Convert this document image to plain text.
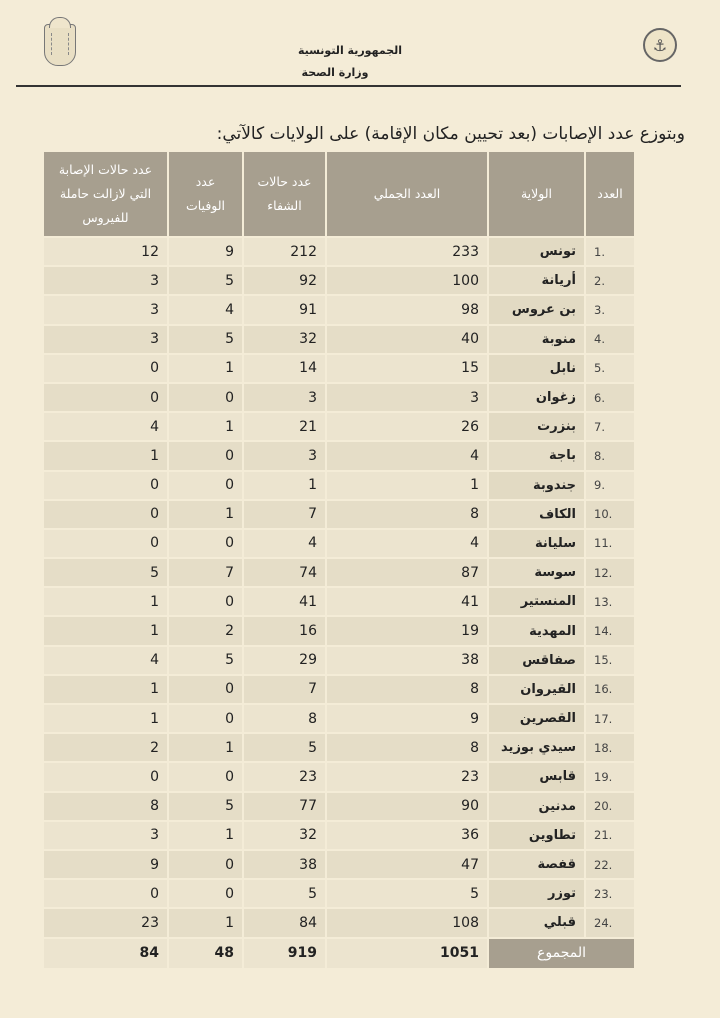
الجمهورية التونسية
وزارة الصحة
⚓
وبتوزع عدد الإصابات (بعد تحيين مكان الإقامة) على الولايات كالآتي:
عدد حالات الإصابة التي لازالت حاملة للفيروس	عدد الوفيات	عدد حالات الشفاء	العدد الجملي	الولاية	العدد
12	9	212	233	تونس	1.
3	5	92	100	أريانة	2.
3	4	91	98	بن عروس	3.
3	5	32	40	منوبة	4.
0	1	14	15	نابل	5.
0	0	3	3	زغوان	6.
4	1	21	26	بنزرت	7.
1	0	3	4	باجة	8.
0	0	1	1	جندوبة	9.
0	1	7	8	الكاف	10.
0	0	4	4	سليانة	11.
5	7	74	87	سوسة	12.
1	0	41	41	المنستير	13.
1	2	16	19	المهدية	14.
4	5	29	38	صفاقس	15.
1	0	7	8	القيروان	16.
1	0	8	9	القصرين	17.
2	1	5	8	سيدي بوزيد	18.
0	0	23	23	قابس	19.
8	5	77	90	مدنين	20.
3	1	32	36	تطاوين	21.
9	0	38	47	قفصة	22.
0	0	5	5	توزر	23.
23	1	84	108	قبلي	24.
84	48	919	1051	المجموع	
